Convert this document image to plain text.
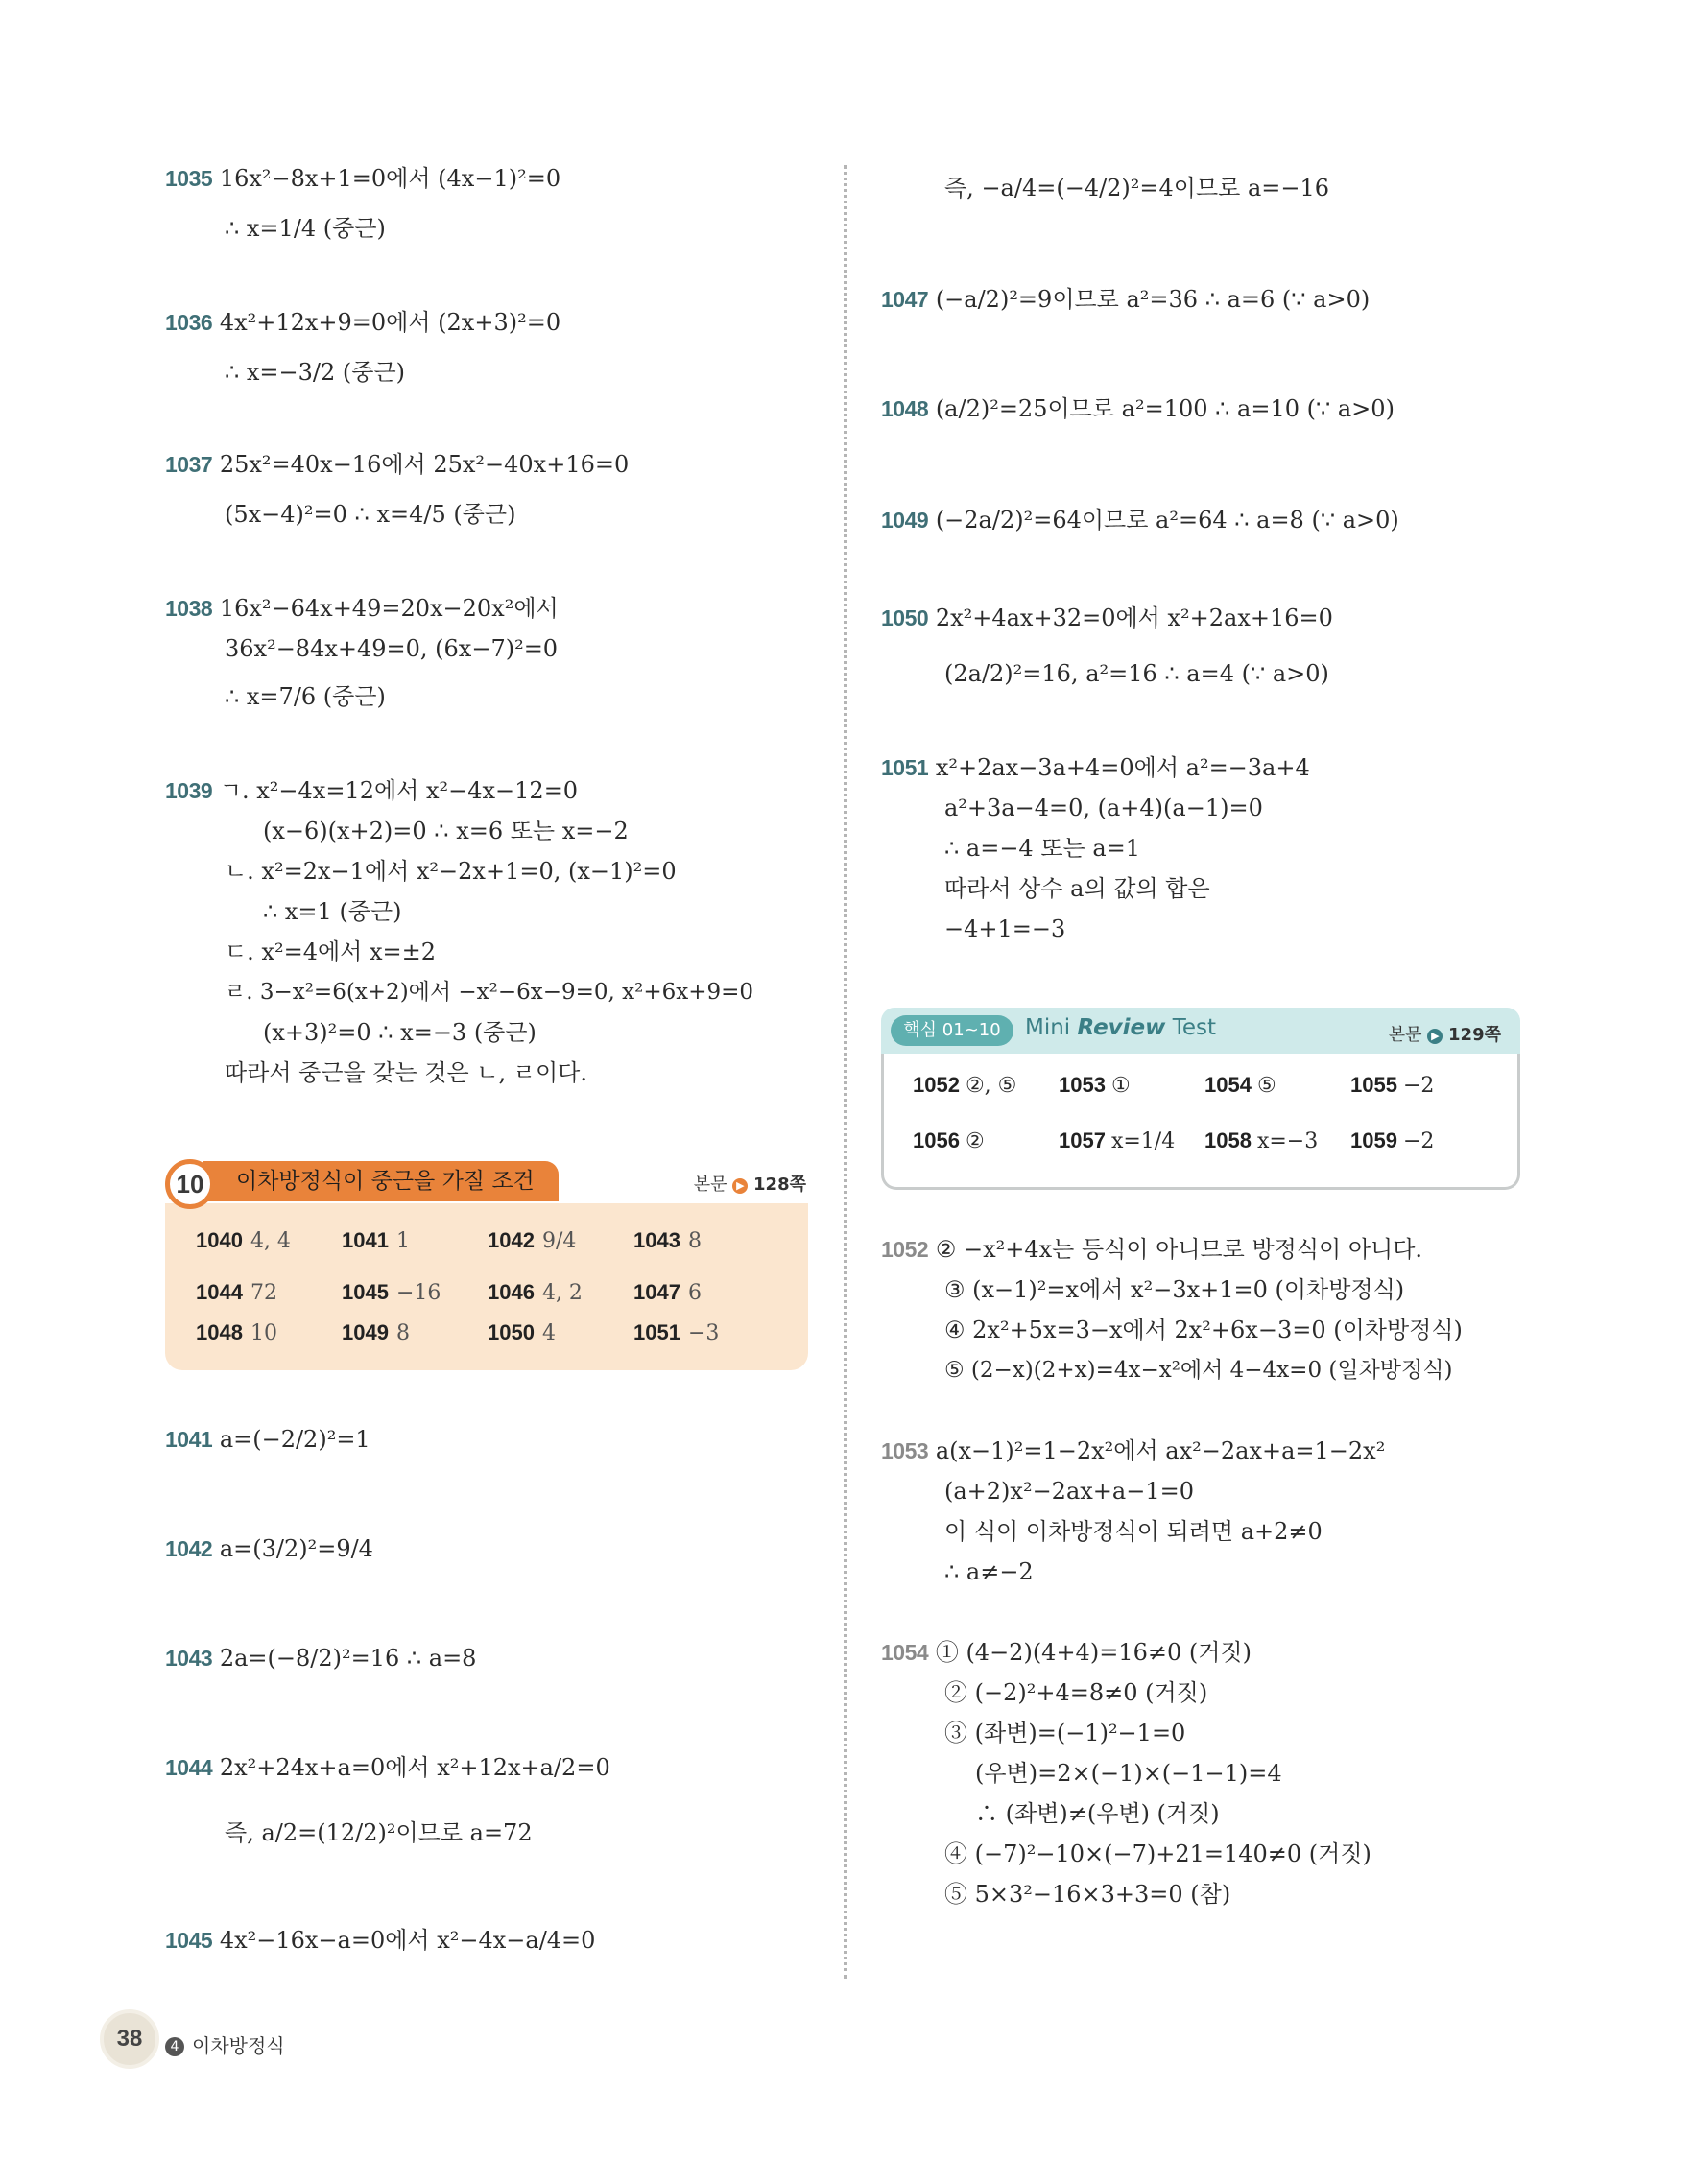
1035 16x²−8x+1=0에서 (4x−1)²=0
∴ x=1/4 (중근)
1036 4x²+12x+9=0에서 (2x+3)²=0
∴ x=−3/2 (중근)
1037 25x²=40x−16에서 25x²−40x+16=0
(5x−4)²=0 ∴ x=4/5 (중근)
1038 16x²−64x+49=20x−20x²에서
36x²−84x+49=0, (6x−7)²=0
∴ x=7/6 (중근)
1039 ㄱ. x²−4x=12에서 x²−4x−12=0
(x−6)(x+2)=0 ∴ x=6 또는 x=−2
ㄴ. x²=2x−1에서 x²−2x+1=0, (x−1)²=0
∴ x=1 (중근)
ㄷ. x²=4에서 x=±2
ㄹ. 3−x²=6(x+2)에서 −x²−6x−9=0, x²+6x+9=0
(x+3)²=0 ∴ x=−3 (중근)
따라서 중근을 갖는 것은 ㄴ, ㄹ이다.
1041 a=(−2/2)²=1
1042 a=(3/2)²=9/4
1043 2a=(−8/2)²=16 ∴ a=8
1044 2x²+24x+a=0에서 x²+12x+a/2=0
즉, a/2=(12/2)²이므로 a=72
1045 4x²−16x−a=0에서 x²−4x−a/4=0
1040 4, 4 1041 1	1042 9/4	1043 8
1044 72	1045 −16 1046 4, 2 1047 6
1048 10	1049 8	1050 4	1051 −3
이차방정식이 중근을 가질 조건
10	본문 ▶ 128쪽
즉, −a/4=(−4/2)²=4이므로 a=−16
1047 (−a/2)²=9이므로 a²=36 ∴ a=6 (∵ a>0)
1048 (a/2)²=25이므로 a²=100 ∴ a=10 (∵ a>0)
1049 (−2a/2)²=64이므로 a²=64 ∴ a=8 (∵ a>0)
1050 2x²+4ax+32=0에서 x²+2ax+16=0
(2a/2)²=16, a²=16 ∴ a=4 (∵ a>0)
1051 x²+2ax−3a+4=0에서 a²=−3a+4
a²+3a−4=0, (a+4)(a−1)=0
∴ a=−4 또는 a=1
따라서 상수 a의 값의 합은
−4+1=−3
1052 ② −x²+4x는 등식이 아니므로 방정식이 아니다.
③ (x−1)²=x에서 x²−3x+1=0 (이차방정식)
④ 2x²+5x=3−x에서 2x²+6x−3=0 (이차방정식)
⑤ (2−x)(2+x)=4x−x²에서 4−4x=0 (일차방정식)
1053 a(x−1)²=1−2x²에서 ax²−2ax+a=1−2x²
(a+2)x²−2ax+a−1=0
이 식이 이차방정식이 되려면 a+2≠0
∴ a≠−2
1054 ① (4−2)(4+4)=16≠0 (거짓)
② (−2)²+4=8≠0 (거짓)
③ (좌변)=(−1)²−1=0
(우변)=2×(−1)×(−1−1)=4
∴ (좌변)≠(우변) (거짓)
④ (−7)²−10×(−7)+21=140≠0 (거짓)
⑤ 5×3²−16×3+3=0 (참)
핵심 01~10	Mini Review Test	본문 ▶ 129쪽
1052 ②, ⑤ 1053 ①	1054 ⑤	1055 −2
1056 ②	1057 x=1/4 1058 x=−3 1059 −2
38	4 이차방정식
